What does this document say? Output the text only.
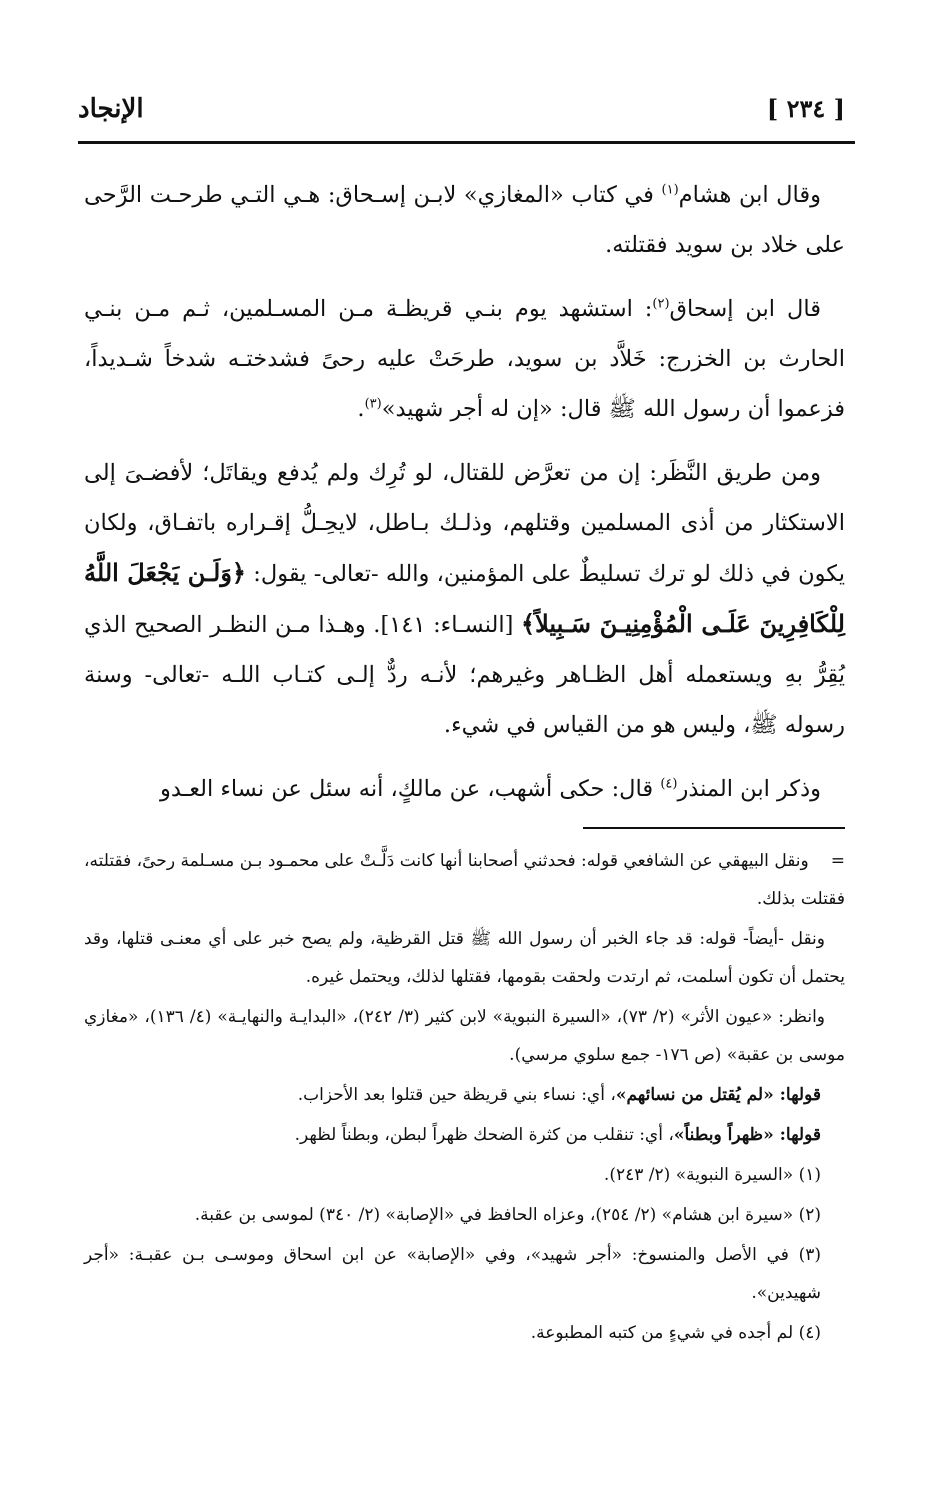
[ ٢٣٤ ]
الإنجاد

وقال ابن هشام$^{(١)}$ في كتاب «المغازي» لابـن إسـحاق: هـي التـي طرحـت الرَّحى على خلاد بن سويد فقتلته.

قال ابن إسحاق$^{(٢)}$: استشهد يوم بنـي قريظـة مـن المسـلمين، ثـم مـن بنـي الحارث بن الخزرج: خَلاَّد بن سويد، طرحَتْ عليه رحىً فشدختـه شدخاً شـديداً، فزعموا أن رسول الله ﷺ قال: «إن له أجر شهيد»$^{(٣)}$.

ومن طريق النَّظَر: إن من تعرَّض للقتال، لو تُرِك ولم يُدفع ويقاتَل؛ لأفضـىَ إلى الاستكثار من أذى المسلمين وقتلهم، وذلـك بـاطل، لايحِـلُّ إقـراره باتفـاق، ولكان يكون في ذلك لو ترك تسليطٌ على المؤمنين، والله -تعالى- يقول: ﴿وَلَـن يَجْعَلَ اللَّهُ لِلْكَافِرِينَ عَلَـى الْمُؤْمِنِيـنَ سَـبِيلاً﴾ [النسـاء: ١٤١]. وهـذا مـن النظـر الصحيح الذي يُقِرُّ بهِ ويستعمله أهل الظـاهر وغيرهم؛ لأنـه ردٌّ إلـى كتـاب اللـه -تعالى- وسنة رسوله ﷺ، وليس هو من القياس في شيء.

وذكر ابن المنذر$^{(٤)}$ قال: حكى أشهب، عن مالكٍ، أنه سئل عن نساء العـدو

=ونقل البيهقي عن الشافعي قوله: فحدثني أصحابنا أنها كانت دَلَّـتْ على محمـود بـن مسـلمة رحىً، فقتلته، فقتلت بذلك.

ونقل -أيضاً- قوله: قد جاء الخبر أن رسول الله ﷺ قتل القرظية، ولم يصح خبر على أي معنـى قتلها، وقد يحتمل أن تكون أسلمت، ثم ارتدت ولحقت بقومها، فقتلها لذلك، ويحتمل غيره.

وانظر: «عيون الأثر» (٢/ ٧٣)، «السيرة النبوية» لابن كثير (٣/ ٢٤٢)، «البدايـة والنهايـة» (٤/ ١٣٦)، «مغازي موسى بن عقبة» (ص ١٧٦- جمع سلوي مرسي).

قولها: «لم يُقتل من نسائهم»، أي: نساء بني قريظة حين قتلوا بعد الأحزاب.

قولها: «ظهراً وبطناً»، أي: تنقلب من كثرة الضحك ظهراً لبطن، وبطناً لظهر.

(١) «السيرة النبوية» (٢/ ٢٤٣).

(٢) «سيرة ابن هشام» (٢/ ٢٥٤)، وعزاه الحافظ في «الإصابة» (٢/ ٣٤٠) لموسى بن عقبة.

(٣) في الأصل والمنسوخ: «أجر شهيد»، وفي «الإصابة» عن ابن اسحاق وموسـى بـن عقبـة: «أجر شهيدين».

(٤) لم أجده في شيءٍ من كتبه المطبوعة.
